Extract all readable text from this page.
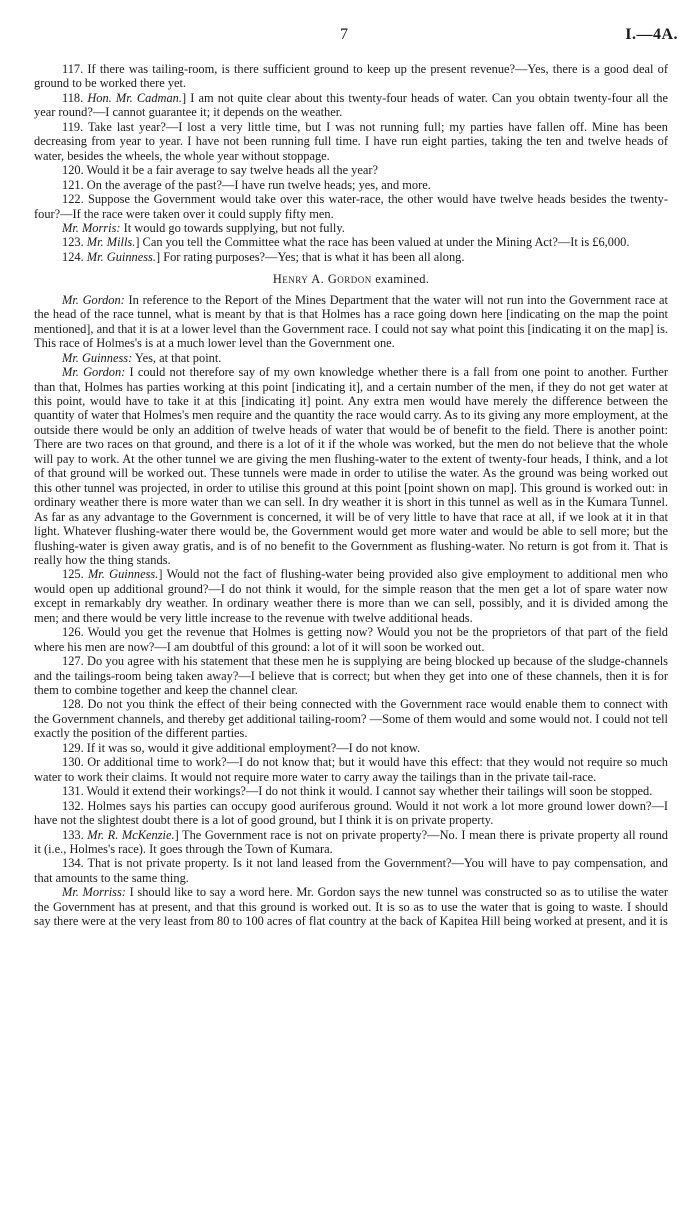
7	I.—4A.

117. If there was tailing-room, is there sufficient ground to keep up the present revenue?—Yes, there is a good deal of ground to be worked there yet.

118. Hon. Mr. Cadman.] I am not quite clear about this twenty-four heads of water. Can you obtain twenty-four all the year round?—I cannot guarantee it; it depends on the weather.

119. Take last year?—I lost a very little time, but I was not running full; my parties have fallen off. Mine has been decreasing from year to year. I have not been running full time. I have run eight parties, taking the ten and twelve heads of water, besides the wheels, the whole year without stoppage.

120. Would it be a fair average to say twelve heads all the year?

121. On the average of the past?—I have run twelve heads; yes, and more.

122. Suppose the Government would take over this water-race, the other would have twelve heads besides the twenty-four?—If the race were taken over it could supply fifty men.

Mr. Morris: It would go towards supplying, but not fully.

123. Mr. Mills.] Can you tell the Committee what the race has been valued at under the Mining Act?—It is £6,000.

124. Mr. Guinness.] For rating purposes?—Yes; that is what it has been all along.

Henry A. Gordon examined.

Mr. Gordon: In reference to the Report of the Mines Department that the water will not run into the Government race at the head of the race tunnel, what is meant by that is that Holmes has a race going down here [indicating on the map the point mentioned], and that it is at a lower level than the Government race. I could not say what point this [indicating it on the map] is. This race of Holmes's is at a much lower level than the Government one.

Mr. Guinness: Yes, at that point.

Mr. Gordon: I could not therefore say of my own knowledge whether there is a fall from one point to another. Further than that, Holmes has parties working at this point [indicating it], and a certain number of the men, if they do not get water at this point, would have to take it at this [indicating it] point. Any extra men would have merely the difference between the quantity of water that Holmes's men require and the quantity the race would carry. As to its giving any more employment, at the outside there would be only an addition of twelve heads of water that would be of benefit to the field. There is another point: There are two races on that ground, and there is a lot of it if the whole was worked, but the men do not believe that the whole will pay to work. At the other tunnel we are giving the men flushing-water to the extent of twenty-four heads, I think, and a lot of that ground will be worked out. These tunnels were made in order to utilise the water. As the ground was being worked out this other tunnel was projected, in order to utilise this ground at this point [point shown on map]. This ground is worked out: in ordinary weather there is more water than we can sell. In dry weather it is short in this tunnel as well as in the Kumara Tunnel. As far as any advantage to the Government is concerned, it will be of very little to have that race at all, if we look at it in that light. Whatever flushing-water there would be, the Government would get more water and would be able to sell more; but the flushing-water is given away gratis, and is of no benefit to the Government as flushing-water. No return is got from it. That is really how the thing stands.

125. Mr. Guinness.] Would not the fact of flushing-water being provided also give employment to additional men who would open up additional ground?—I do not think it would, for the simple reason that the men get a lot of spare water now except in remarkably dry weather. In ordinary weather there is more than we can sell, possibly, and it is divided among the men; and there would be very little increase to the revenue with twelve additional heads.

126. Would you get the revenue that Holmes is getting now? Would you not be the proprietors of that part of the field where his men are now?—I am doubtful of this ground: a lot of it will soon be worked out.

127. Do you agree with his statement that these men he is supplying are being blocked up because of the sludge-channels and the tailings-room being taken away?—I believe that is correct; but when they get into one of these channels, then it is for them to combine together and keep the channel clear.

128. Do not you think the effect of their being connected with the Government race would enable them to connect with the Government channels, and thereby get additional tailing-room? —Some of them would and some would not. I could not tell exactly the position of the different parties.

129. If it was so, would it give additional employment?—I do not know.

130. Or additional time to work?—I do not know that; but it would have this effect: that they would not require so much water to work their claims. It would not require more water to carry away the tailings than in the private tail-race.

131. Would it extend their workings?—I do not think it would. I cannot say whether their tailings will soon be stopped.

132. Holmes says his parties can occupy good auriferous ground. Would it not work a lot more ground lower down?—I have not the slightest doubt there is a lot of good ground, but I think it is on private property.

133. Mr. R. McKenzie.] The Government race is not on private property?—No. I mean there is private property all round it (i.e., Holmes's race). It goes through the Town of Kumara.

134. That is not private property. Is it not land leased from the Government?—You will have to pay compensation, and that amounts to the same thing.

Mr. Morriss: I should like to say a word here. Mr. Gordon says the new tunnel was constructed so as to utilise the water the Government has at present, and that this ground is worked out. It is so as to use the water that is going to waste. I should say there were at the very least from 80 to 100 acres of flat country at the back of Kapitea Hill being worked at present, and it is
